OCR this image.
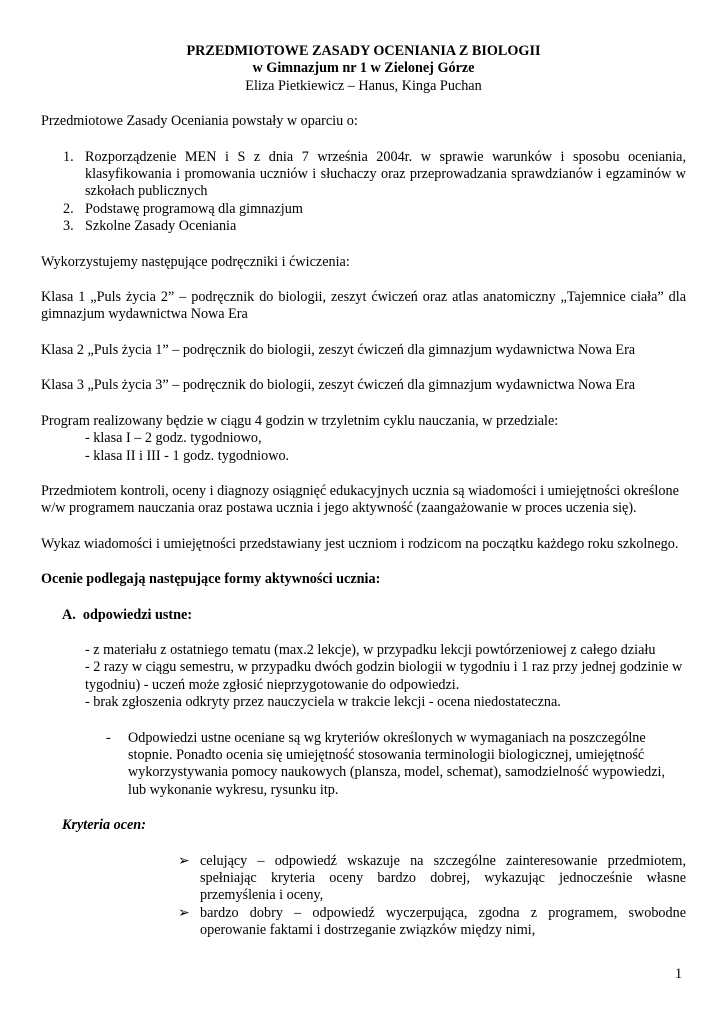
PRZEDMIOTOWE ZASADY OCENIANIA Z BIOLOGII

w Gimnazjum nr 1 w Zielonej Górze

Eliza Pietkiewicz – Hanus, Kinga Puchan

Przedmiotowe Zasady Oceniania powstały w oparciu o:

1. Rozporządzenie MEN i S z dnia 7 września 2004r. w sprawie warunków i sposobu oceniania, klasyfikowania i promowania uczniów i słuchaczy oraz przeprowadzania sprawdzianów i egzaminów w szkołach publicznych
2. Podstawę programową dla gimnazjum
3. Szkolne Zasady Oceniania

Wykorzystujemy następujące podręczniki i ćwiczenia:

Klasa 1 „Puls życia 2” – podręcznik do biologii, zeszyt ćwiczeń oraz atlas anatomiczny „Tajemnice ciała” dla gimnazjum wydawnictwa Nowa Era

Klasa 2 „Puls życia 1” – podręcznik do biologii, zeszyt ćwiczeń dla gimnazjum wydawnictwa Nowa Era

Klasa 3 „Puls życia 3” – podręcznik do biologii, zeszyt ćwiczeń dla gimnazjum wydawnictwa Nowa Era

Program realizowany będzie w ciągu 4 godzin w trzyletnim cyklu nauczania, w przedziale:

- klasa I – 2 godz. tygodniowo,

- klasa II i III - 1 godz. tygodniowo.

Przedmiotem kontroli, oceny i diagnozy osiągnięć edukacyjnych ucznia są wiadomości i umiejętności określone w/w programem nauczania oraz postawa ucznia i jego aktywność (zaangażowanie w proces uczenia się).

Wykaz wiadomości i umiejętności przedstawiany jest uczniom i rodzicom na początku każdego roku szkolnego.

Ocenie podlegają następujące formy aktywności ucznia:

A. odpowiedzi ustne:

- z materiału z ostatniego tematu (max.2 lekcje), w przypadku lekcji powtórzeniowej z całego działu

- 2 razy w ciągu semestru, w przypadku dwóch godzin biologii w tygodniu i 1 raz przy jednej godzinie w tygodniu) - uczeń może zgłosić nieprzygotowanie do odpowiedzi.

- brak zgłoszenia odkryty przez nauczyciela w trakcie lekcji - ocena niedostateczna.

- Odpowiedzi ustne oceniane są wg kryteriów określonych w wymaganiach na poszczególne stopnie. Ponadto ocenia się umiejętność stosowania terminologii biologicznej, umiejętność wykorzystywania pomocy naukowych (plansza, model, schemat), samodzielność wypowiedzi, lub wykonanie wykresu, rysunku itp.

Kryteria ocen:

➢ celujący – odpowiedź wskazuje na szczególne zainteresowanie przedmiotem, spełniając kryteria oceny bardzo dobrej, wykazując jednocześnie własne przemyślenia i oceny,
➢ bardzo dobry – odpowiedź wyczerpująca, zgodna z programem, swobodne operowanie faktami i dostrzeganie związków między nimi,
1
